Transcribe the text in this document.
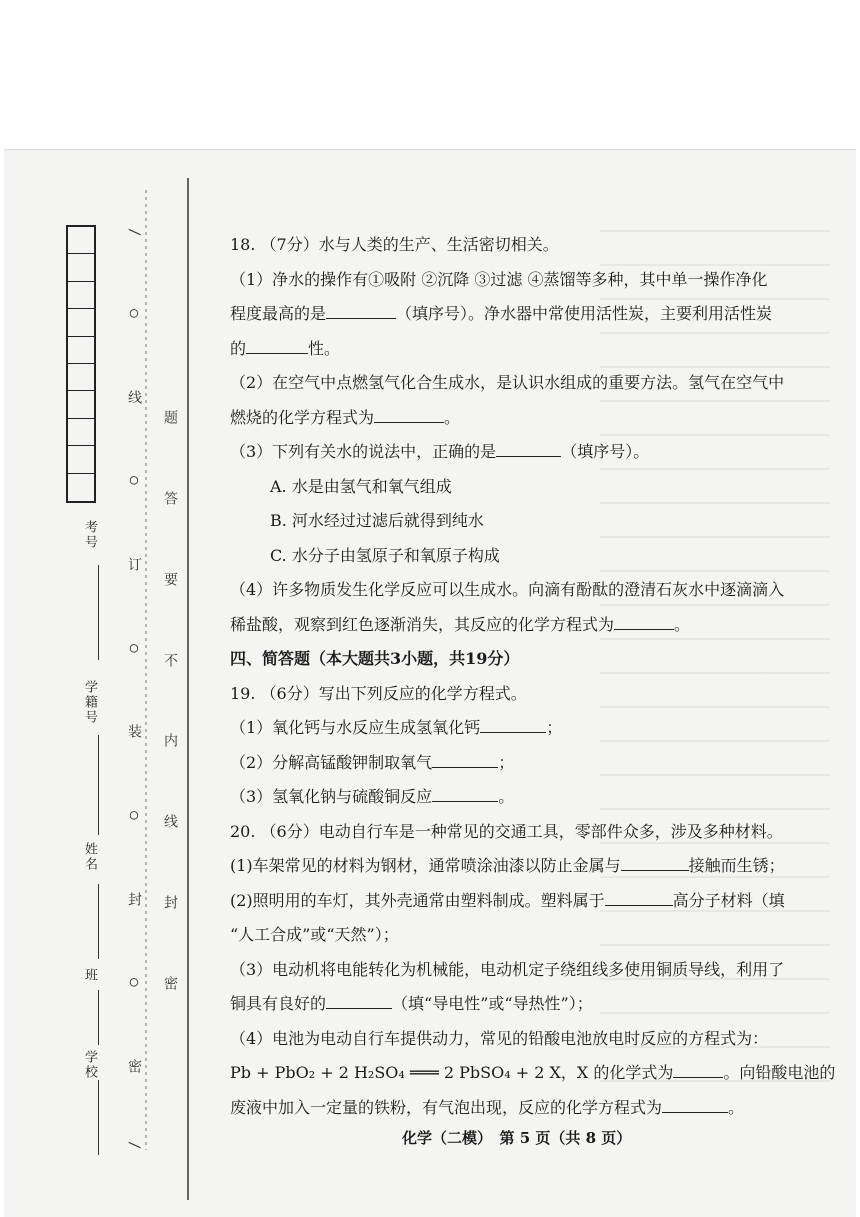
考号
学籍号
姓名
班
学校
/
○
线
○
订
○
装
○
封
○
密
/
题
答
要
不
内
线
封
密
18. （7分）水与人类的生产、生活密切相关。
（1）净水的操作有①吸附 ②沉降 ③过滤 ④蒸馏等多种，其中单一操作净化
程度最高的是	（填序号）。净水器中常使用活性炭，主要利用活性炭
的	性。
（2）在空气中点燃氢气化合生成水，是认识水组成的重要方法。氢气在空气中
燃烧的化学方程式为	。
（3）下列有关水的说法中，正确的是	（填序号）。
A. 水是由氢气和氧气组成
B. 河水经过过滤后就得到纯水
C. 水分子由氢原子和氧原子构成
（4）许多物质发生化学反应可以生成水。向滴有酚酞的澄清石灰水中逐滴滴入
稀盐酸，观察到红色逐渐消失，其反应的化学方程式为	。
四、简答题（本大题共3小题，共19分）
19. （6分）写出下列反应的化学方程式。
（1）氧化钙与水反应生成氢氧化钙	；
（2）分解高锰酸钾制取氧气	；
（3）氢氧化钠与硫酸铜反应	。
20. （6分）电动自行车是一种常见的交通工具，零部件众多，涉及多种材料。
(1)车架常见的材料为钢材，通常喷涂油漆以防止金属与	接触而生锈；
(2)照明用的车灯，其外壳通常由塑料制成。塑料属于	高分子材料（填
“人工合成”或“天然”）；
（3）电动机将电能转化为机械能，电动机定子绕组线多使用铜质导线，利用了
铜具有良好的	（填“导电性”或“导热性”）；
（4）电池为电动自行车提供动力，常见的铅酸电池放电时反应的方程式为：
Pb + PbO₂ + 2 H₂SO₄ ═══ 2 PbSO₄ + 2 X，X 的化学式为	。向铅酸电池的
废液中加入一定量的铁粉，有气泡出现，反应的化学方程式为	。
化学（二模）　第 5 页（共 8 页）
